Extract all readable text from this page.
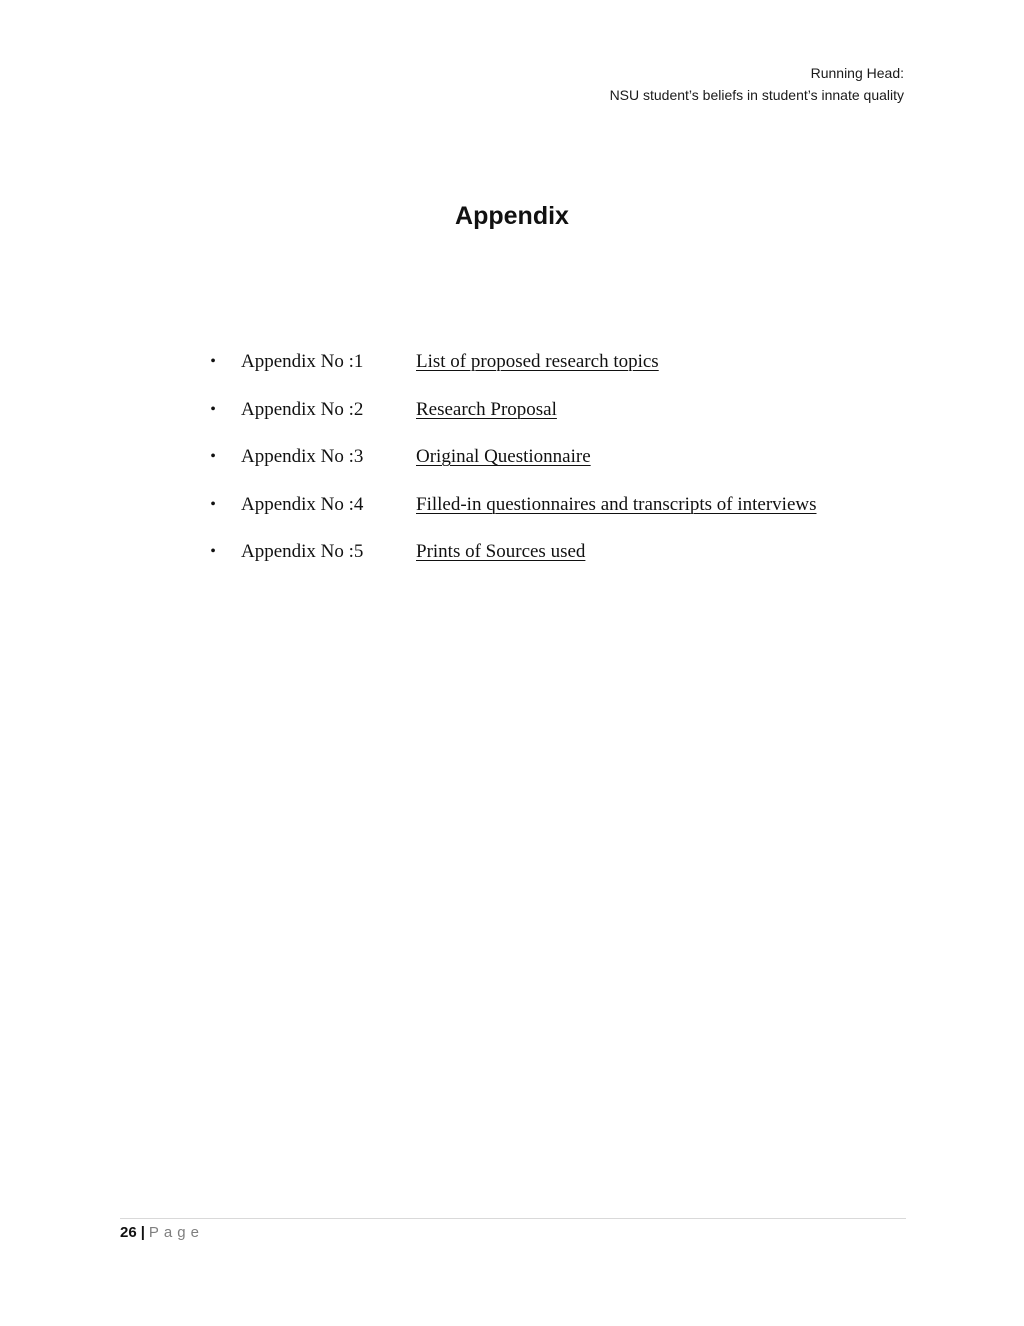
Running Head:
NSU student’s beliefs in student’s innate quality
Appendix
• Appendix No :1	List of proposed research topics
• Appendix No :2	Research Proposal
• Appendix No :3	Original Questionnaire
• Appendix No :4	Filled-in questionnaires and transcripts of interviews
• Appendix No :5	Prints of Sources used
26 | Page
